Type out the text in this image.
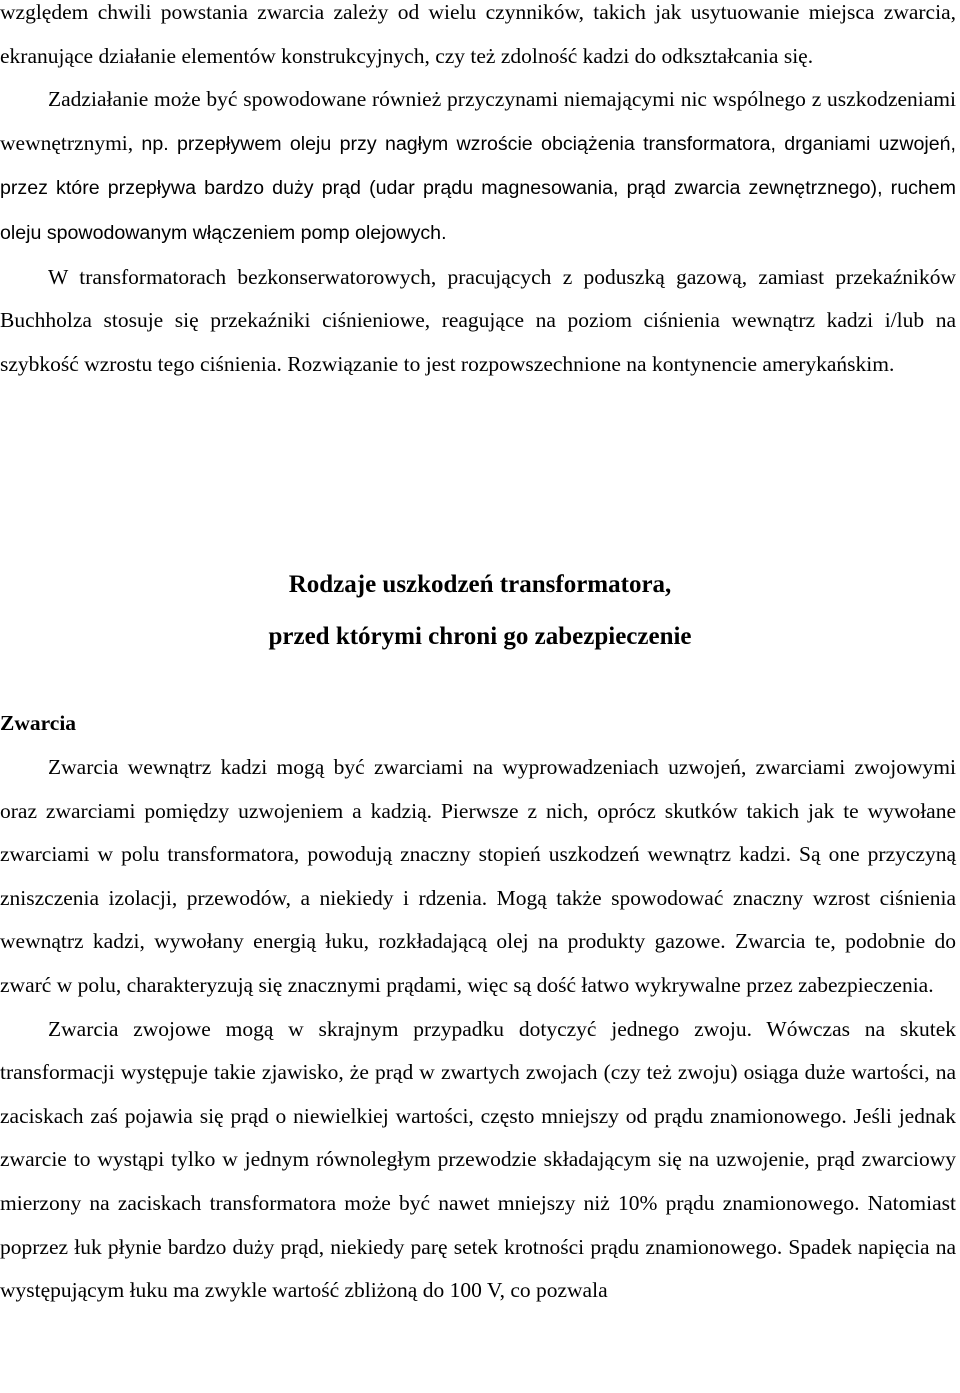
względem chwili powstania zwarcia zależy od wielu czynników, takich jak usytuowanie miejsca zwarcia, ekranujące działanie elementów konstrukcyjnych, czy też zdolność kadzi do odkształcania się.

Zadziałanie może być spowodowane również przyczynami niemającymi nic wspólnego z uszkodzeniami wewnętrznymi, np. przepływem oleju przy nagłym wzroście obciążenia transformatora, drganiami uzwojeń, przez które przepływa bardzo duży prąd (udar prądu magnesowania, prąd zwarcia zewnętrznego), ruchem oleju spowodowanym włączeniem pomp olejowych.

W transformatorach bezkonserwatorowych, pracujących z poduszką gazową, zamiast przekaźników Buchholza stosuje się przekaźniki ciśnieniowe, reagujące na poziom ciśnienia wewnątrz kadzi i/lub na szybkość wzrostu tego ciśnienia. Rozwiązanie to jest rozpowszechnione na kontynencie amerykańskim.

Rodzaje uszkodzeń transformatora,
przed którymi chroni go zabezpieczenie

Zwarcia

Zwarcia wewnątrz kadzi mogą być zwarciami na wyprowadzeniach uzwojeń, zwarciami zwojowymi oraz zwarciami pomiędzy uzwojeniem a kadzią. Pierwsze z nich, oprócz skutków takich jak te wywołane zwarciami w polu transformatora, powodują znaczny stopień uszkodzeń wewnątrz kadzi. Są one przyczyną zniszczenia izolacji, przewodów, a niekiedy i rdzenia. Mogą także spowodować znaczny wzrost ciśnienia wewnątrz kadzi, wywołany energią łuku, rozkładającą olej na produkty gazowe. Zwarcia te, podobnie do zwarć w polu, charakteryzują się znacznymi prądami, więc są dość łatwo wykrywalne przez zabezpieczenia.

Zwarcia zwojowe mogą w skrajnym przypadku dotyczyć jednego zwoju. Wówczas na skutek transformacji występuje takie zjawisko, że prąd w zwartych zwojach (czy też zwoju) osiąga duże wartości, na zaciskach zaś pojawia się prąd o niewielkiej wartości, często mniejszy od prądu znamionowego. Jeśli jednak zwarcie to wystąpi tylko w jednym równoległym przewodzie składającym się na uzwojenie, prąd zwarciowy mierzony na zaciskach transformatora może być nawet mniejszy niż 10% prądu znamionowego. Natomiast poprzez łuk płynie bardzo duży prąd, niekiedy parę setek krotności prądu znamionowego. Spadek napięcia na występującym łuku ma zwykle wartość zbliżoną do 100 V, co pozwala
